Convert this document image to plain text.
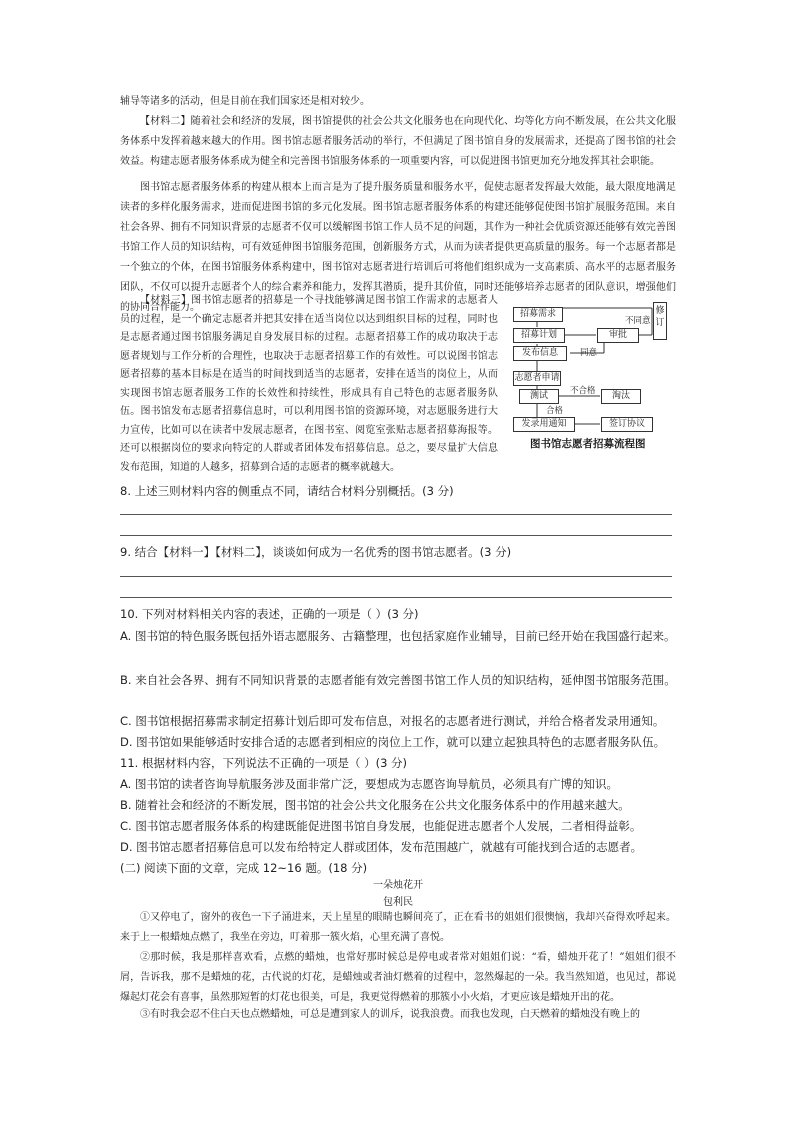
辅导等诸多的活动，但是目前在我们国家还是相对较少。

【材料二】随着社会和经济的发展，图书馆提供的社会公共文化服务也在向现代化、均等化方向不断发展，在公共文化服务体系中发挥着越来越大的作用。图书馆志愿者服务活动的举行，不但满足了图书馆自身的发展需求，还提高了图书馆的社会效益。构建志愿者服务体系成为健全和完善图书馆服务体系的一项重要内容，可以促进图书馆更加充分地发挥其社会职能。

图书馆志愿者服务体系的构建从根本上而言是为了提升服务质量和服务水平，促使志愿者发挥最大效能，最大限度地满足读者的多样化服务需求，进而促进图书馆的多元化发展。图书馆志愿者服务体系的构建还能够促使图书馆扩展服务范围。来自社会各界、拥有不同知识背景的志愿者不仅可以缓解图书馆工作人员不足的问题，其作为一种社会优质资源还能够有效完善图书馆工作人员的知识结构，可有效延伸图书馆服务范围，创新服务方式，从而为读者提供更高质量的服务。每一个志愿者都是一个独立的个体，在图书馆服务体系构建中，图书馆对志愿者进行培训后可将他们组织成为一支高素质、高水平的志愿者服务团队，不仅可以提升志愿者个人的综合素养和能力，发挥其潜质，提升其价值，同时还能够培养志愿者的团队意识，增强他们的协同合作能力。

【材料三】图书馆志愿者的招募是一个寻找能够满足图书馆工作需求的志愿者人员的过程，是一个确定志愿者并把其安排在适当岗位以达到组织目标的过程，同时也是志愿者通过图书馆服务满足自身发展目标的过程。志愿者招募工作的成功取决于志愿者规划与工作分析的合理性，也取决于志愿者招募工作的有效性。可以说图书馆志愿者招募的基本目标是在适当的时间找到适当的志愿者，安排在适当的岗位上，从而实现图书馆志愿者服务工作的长效性和持续性，形成具有自己特色的志愿者服务队伍。图书馆发布志愿者招募信息时，可以利用图书馆的资源环境，对志愿服务进行大力宣传，比如可以在读者中发展志愿者，在图书室、阅览室张贴志愿者招募海报等。还可以根据岗位的要求向特定的人群或者团体发布招募信息。总之，要尽量扩大信息发布范围，知道的人越多，招募到合适的志愿者的概率就越大。

招募需求
招募计划
发布信息
志愿者申请
测试
发录用通知
审批
修订
淘汰
签订协议
不同意
同意
不合格
合格
图书馆志愿者招募流程图

8. 上述三则材料内容的侧重点不同，请结合材料分别概括。(3 分)

9. 结合【材料一】【材料二】，谈谈如何成为一名优秀的图书馆志愿者。(3 分)

10. 下列对材料相关内容的表述，正确的一项是（ ）(3 分)

A. 图书馆的特色服务既包括外语志愿服务、古籍整理，也包括家庭作业辅导，目前已经开始在我国盛行起来。

B. 来自社会各界、拥有不同知识背景的志愿者能有效完善图书馆工作人员的知识结构，延伸图书馆服务范围。

C. 图书馆根据招募需求制定招募计划后即可发布信息，对报名的志愿者进行测试，并给合格者发录用通知。

D. 图书馆如果能够适时安排合适的志愿者到相应的岗位上工作，就可以建立起独具特色的志愿者服务队伍。

11. 根据材料内容，下列说法不正确的一项是（ ）(3 分)

A. 图书馆的读者咨询导航服务涉及面非常广泛，要想成为志愿咨询导航员，必须具有广博的知识。

B. 随着社会和经济的不断发展，图书馆的社会公共文化服务在公共文化服务体系中的作用越来越大。

C. 图书馆志愿者服务体系的构建既能促进图书馆自身发展，也能促进志愿者个人发展，二者相得益彰。

D. 图书馆志愿者招募信息可以发布给特定人群或团体，发布范围越广，就越有可能找到合适的志愿者。

(二) 阅读下面的文章，完成 12~16 题。(18 分)

一朵烛花开

包利民

①又停电了，窗外的夜色一下子涌进来，天上星星的眼睛也瞬间亮了，正在看书的姐姐们很懊恼，我却兴奋得欢呼起来。来于上一根蜡烛点燃了，我坐在旁边，叮着那一簇火焰，心里充满了喜悦。

②那时候，我是那样喜欢看，点燃的蜡烛，也常好那时候总是停电或者常对姐姐们说：“看，蜡烛开花了！”姐姐们很不屑，告诉我，那不是蜡烛的花，古代说的灯花，是蜡烛或者油灯燃着的过程中，忽然爆起的一朵。我当然知道，也见过，都说爆起灯花会有喜事，虽然那短暂的灯花也很美，可是，我更觉得燃着的那簇小小火焰，才更应该是蜡烛开出的花。

③有时我会忍不住白天也点燃蜡烛，可总是遭到家人的训斥，说我浪费。而我也发现，白天燃着的蜡烛没有晚上的
